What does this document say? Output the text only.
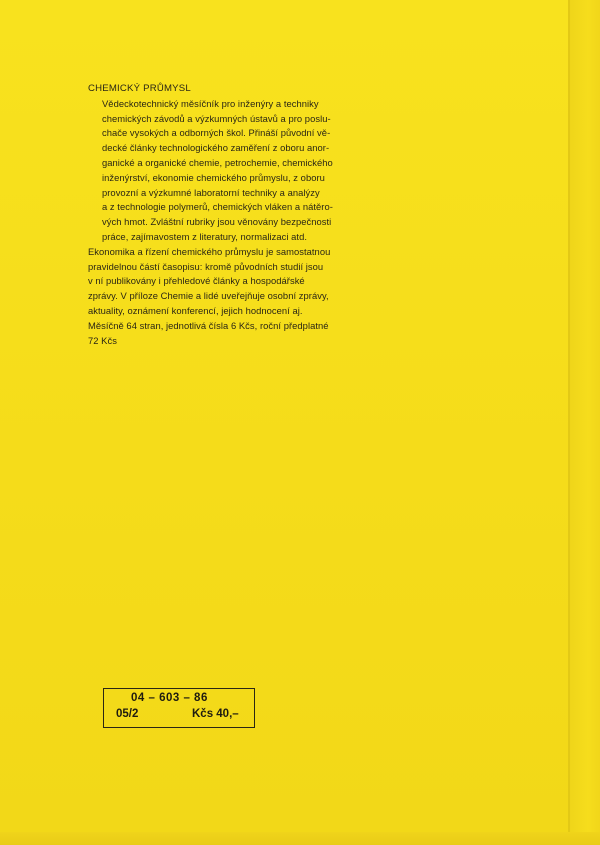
CHEMICKÝ PRŮMYSL

Vědeckotechnický měsíčník pro inženýry a techniky
chemických závodů a výzkumných ústavů a pro poslu-
chače vysokých a odborných škol. Přináší původní vě-
decké články technologického zaměření z oboru anor-
ganické a organické chemie, petrochemie, chemického
inženýrství, ekonomie chemického průmyslu, z oboru
provozní a výzkumné laboratorní techniky a analýzy
a z technologie polymerů, chemických vláken a nátěro-
vých hmot. Zvláštní rubriky jsou věnovány bezpečnosti
práce, zajímavostem z literatury, normalizaci atd.

Ekonomika a řízení chemického průmyslu je samostatnou
pravidelnou částí časopisu: kromě původních studií jsou
v ní publikovány i přehledové články a hospodářské
zprávy. V příloze Chemie a lidé uveřejňuje osobní zprávy,
aktuality, oznámení konferencí, jejich hodnocení aj.

Měsíčně 64 stran, jednotlivá čísla 6 Kčs, roční předplatné
72 Kčs

04 – 603 – 86
05/2	Kčs 40,–
